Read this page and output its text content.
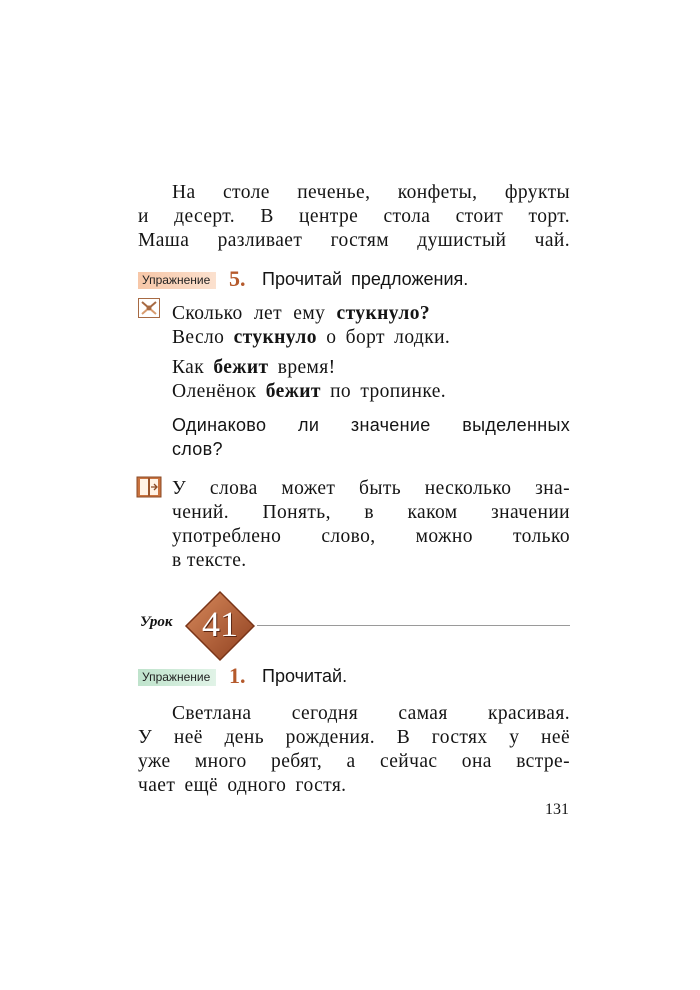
На столе печенье, конфеты, фрукты
и десерт. В центре стола стоит торт.
Маша разливает гостям душистый чай.
Упражнение 5. Прочитай предложения.
Сколько лет ему стукнуло?
Весло стукнуло о борт лодки.
Как бежит время!
Оленёнок бежит по тропинке.
Одинаково ли значение выделенных
слов?
У слова может быть несколько зна-
чений. Понять, в каком значении
употреблено слово, можно только
в тексте.
Урок 41
Упражнение 1. Прочитай.
Светлана сегодня самая красивая.
У неё день рождения. В гостях у неё
уже много ребят, а сейчас она встре-
чает ещё одного гостя.
131
